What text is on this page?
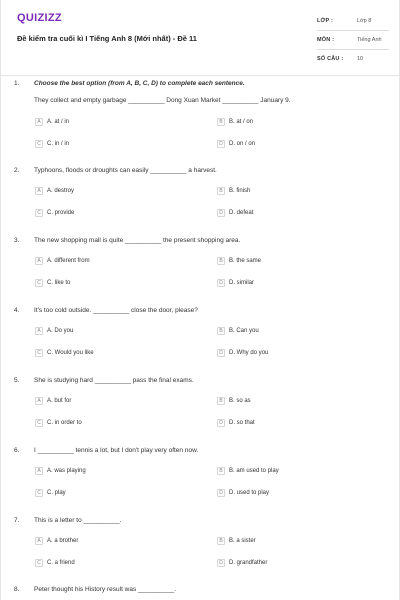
QUIZIZZ
Đề kiểm tra cuối kì I Tiếng Anh 8 (Mới nhất) - Đề 11
LỚP :	Lớp 8
MÔN :	Tiếng Anh
SỐ CÂU :	10
1. Choose the best option (from A, B, C, D) to complete each sentence.
They collect and empty garbage __________ Dong Xuan Market __________ January 9.
A	A. at / in	B	B. at / on
C	C. in / in	D	D. on / on
2. Typhoons, floods or droughts can easily __________ a harvest.
A	A. destroy	B	B. finish
C	C. provide	D	D. defeat
3. The new shopping mall is quite __________ the present shopping area.
A	A. different from	B	B. the same
C	C. like to	D	D. similar
4. It's too cold outside. __________ close the door, please?
A	A. Do you	B	B. Can you
C	C. Would you like	D	D. Why do you
5. She is studying hard __________ pass the final exams.
A	A. but for	B	B. so as
C	C. in order to	D	D. so that
6. I __________ tennis a lot, but I don't play very often now.
A	A. was playing	B	B. am used to play
C	C. play	D	D. used to play
7. This is a letter to __________.
A	A. a brother	B	B. a sister
C	C. a friend	D	D. grandfather
8. Peter thought his History result was __________.
